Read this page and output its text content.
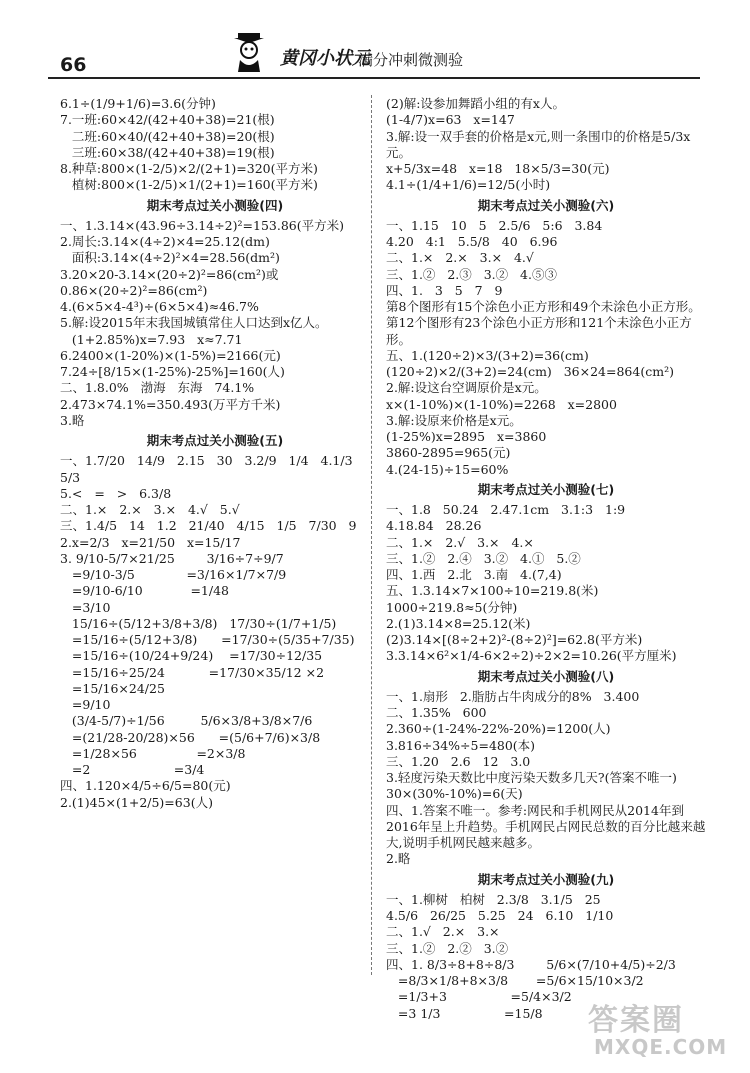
66	黄冈小状元
满分冲刺微测验
6.1÷(1/9+1/6)=3.6(分钟)
7.一班:60×42/(42+40+38)=21(根)
二班:60×40/(42+40+38)=20(根)
三班:60×38/(42+40+38)=19(根)
8.种草:800×(1-2/5)×2/(2+1)=320(平方米)
植树:800×(1-2/5)×1/(2+1)=160(平方米)
期末考点过关小测验(四)
一、1.3.14×(43.96÷3.14÷2)²=153.86(平方米)
2.周长:3.14×(4÷2)×4=25.12(dm)
面积:3.14×(4÷2)²×4=28.56(dm²)
3.20×20-3.14×(20÷2)²=86(cm²)或0.86×(20÷2)²=86(cm²)
4.(6×5×4-4³)÷(6×5×4)≈46.7%
5.解:设2015年末我国城镇常住人口达到x亿人。
(1+2.85%)x=7.93   x≈7.71
6.2400×(1-20%)×(1-5%)=2166(元)
7.24÷[8/15×(1-25%)-25%]=160(人)
二、1.8.0%   渤海   东海   74.1%
2.473×74.1%=350.493(万平方千米)
3.略
期末考点过关小测验(五)
一、1.7/20   14/9   2.15   30   3.2/9   1/4   4.1/3   5/3
5.<   =   >   6.3/8
二、1.×   2.×   3.×   4.√   5.√
三、1.4/5   14   1.2   21/40   4/15   1/5   7/30   9
2.x=2/3   x=21/50   x=15/17
3. 9/10-5/7×21/25        3/16÷7÷9/7
=9/10-3/5             =3/16×1/7×7/9
=9/10-6/10            =1/48
=3/10
15/16÷(5/12+3/8+3/8)   17/30÷(1/7+1/5)
=15/16÷(5/12+3/8)      =17/30÷(5/35+7/35)
=15/16÷(10/24+9/24)    =17/30÷12/35
=15/16÷25/24           =17/30×35/12 ×2
=15/16×24/25
=9/10
(3/4-5/7)÷1/56         5/6×3/8+3/8×7/6
=(21/28-20/28)×56      =(5/6+7/6)×3/8
=1/28×56               =2×3/8
=2                     =3/4
四、1.120×4/5÷6/5=80(元)
2.(1)45×(1+2/5)=63(人)
(2)解:设参加舞蹈小组的有x人。
(1-4/7)x=63   x=147
3.解:设一双手套的价格是x元,则一条围巾的价格是5/3x元。
x+5/3x=48   x=18   18×5/3=30(元)
4.1÷(1/4+1/6)=12/5(小时)
期末考点过关小测验(六)
一、1.15   10   5   2.5/6   5:6   3.84
4.20   4:1   5.5/8   40   6.96
二、1.×   2.×   3.×   4.√
三、1.②   2.③   3.②   4.⑤③
四、1.   3   5   7   9
第8个图形有15个涂色小正方形和49个未涂色小正方形。
第12个图形有23个涂色小正方形和121个未涂色小正方形。
五、1.(120÷2)×3/(3+2)=36(cm)
(120÷2)×2/(3+2)=24(cm)   36×24=864(cm²)
2.解:设这台空调原价是x元。
x×(1-10%)×(1-10%)=2268   x=2800
3.解:设原来价格是x元。
(1-25%)x=2895   x=3860
3860-2895=965(元)
4.(24-15)÷15=60%
期末考点过关小测验(七)
一、1.8   50.24   2.47.1cm   3.1:3   1:9
4.18.84   28.26
二、1.×   2.√   3.×   4.×
三、1.②   2.④   3.②   4.①   5.②
四、1.西   2.北   3.南   4.(7,4)
五、1.3.14×7×100÷10=219.8(米)
1000÷219.8≈5(分钟)
2.(1)3.14×8=25.12(米)
(2)3.14×[(8÷2+2)²-(8÷2)²]=62.8(平方米)
3.3.14×6²×1/4-6×2÷2)÷2×2=10.26(平方厘米)
期末考点过关小测验(八)
一、1.扇形   2.脂肪占牛肉成分的8%   3.400
二、1.35%   600
2.360÷(1-24%-22%-20%)=1200(人)
3.816÷34%÷5=480(本)
三、1.20   2.6   12   3.0
3.轻度污染天数比中度污染天数多几天?(答案不唯一)
30×(30%-10%)=6(天)
四、1.答案不唯一。参考:网民和手机网民从2014年到2016年呈上升趋势。手机网民占网民总数的百分比越来越大,说明手机网民越来越多。
2.略
期末考点过关小测验(九)
一、1.柳树   柏树   2.3/8   3.1/5   25
4.5/6   26/25   5.25   24   6.10   1/10
二、1.√   2.×   3.×
三、1.②   2.②   3.②
四、1. 8/3÷8+8÷8/3        5/6×(7/10+4/5)÷2/3
=8/3×1/8+8×3/8       =5/6×15/10×3/2
=1/3+3                =5/4×3/2
=3 1/3                =15/8	答案圈
MXQE.COM
